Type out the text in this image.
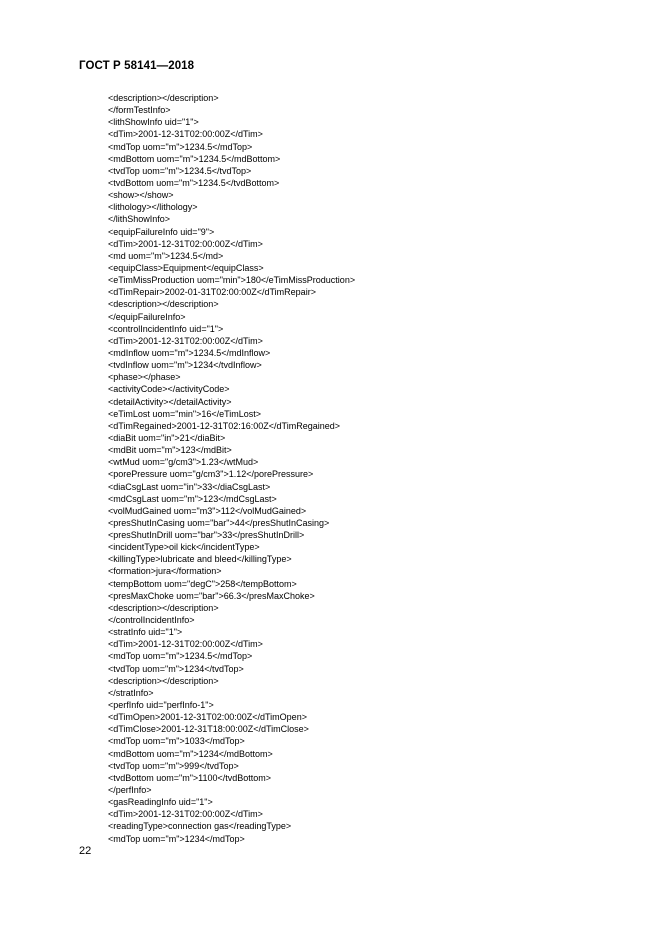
ГОСТ Р 58141—2018
<description></description>
</formTestInfo>
<lithShowInfo uid="1">
<dTim>2001-12-31T02:00:00Z</dTim>
<mdTop uom="m">1234.5</mdTop>
<mdBottom uom="m">1234.5</mdBottom>
<tvdTop uom="m">1234.5</tvdTop>
<tvdBottom uom="m">1234.5</tvdBottom>
<show></show>
<lithology></lithology>
</lithShowInfo>
<equipFailureInfo uid="9">
<dTim>2001-12-31T02:00:00Z</dTim>
<md uom="m">1234.5</md>
<equipClass>Equipment</equipClass>
<eTimMissProduction uom="min">180</eTimMissProduction>
<dTimRepair>2002-01-31T02:00:00Z</dTimRepair>
<description></description>
</equipFailureInfo>
<controlIncidentInfo uid="1">
<dTim>2001-12-31T02:00:00Z</dTim>
<mdInflow uom="m">1234.5</mdInflow>
<tvdInflow uom="m">1234</tvdInflow>
<phase></phase>
<activityCode></activityCode>
<detailActivity></detailActivity>
<eTimLost uom="min">16</eTimLost>
<dTimRegained>2001-12-31T02:16:00Z</dTimRegained>
<diaBit uom="in">21</diaBit>
<mdBit uom="m">123</mdBit>
<wtMud uom="g/cm3">1.23</wtMud>
<porePressure uom="g/cm3">1.12</porePressure>
<diaCsgLast uom="in">33</diaCsgLast>
<mdCsgLast uom="m">123</mdCsgLast>
<volMudGained uom="m3">112</volMudGained>
<presShutInCasing uom="bar">44</presShutInCasing>
<presShutInDrill uom="bar">33</presShutInDrill>
<incidentType>oil kick</incidentType>
<killingType>lubricate and bleed</killingType>
<formation>jura</formation>
<tempBottom uom="degC">258</tempBottom>
<presMaxChoke uom="bar">66.3</presMaxChoke>
<description></description>
</controlIncidentInfo>
<stratInfo uid="1">
<dTim>2001-12-31T02:00:00Z</dTim>
<mdTop uom="m">1234.5</mdTop>
<tvdTop uom="m">1234</tvdTop>
<description></description>
</stratInfo>
<perfInfo uid="perfInfo-1">
<dTimOpen>2001-12-31T02:00:00Z</dTimOpen>
<dTimClose>2001-12-31T18:00:00Z</dTimClose>
<mdTop uom="m">1033</mdTop>
<mdBottom uom="m">1234</mdBottom>
<tvdTop uom="m">999</tvdTop>
<tvdBottom uom="m">1100</tvdBottom>
</perfInfo>
<gasReadingInfo uid="1">
<dTim>2001-12-31T02:00:00Z</dTim>
<readingType>connection gas</readingType>
<mdTop uom="m">1234</mdTop>
22
